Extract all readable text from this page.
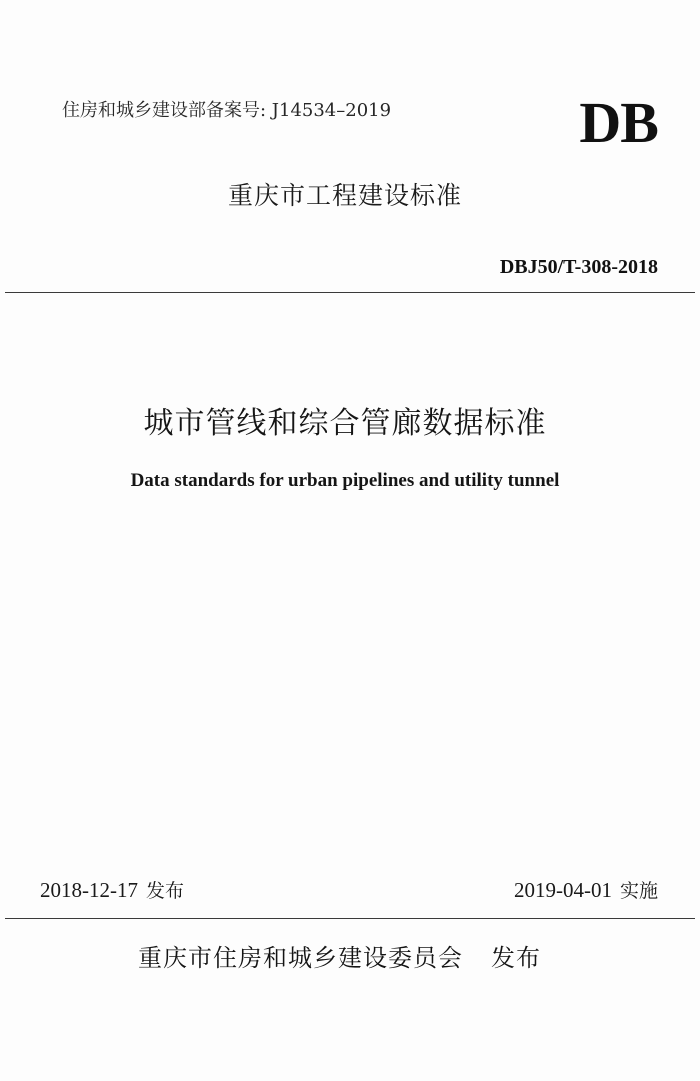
住房和城乡建设部备案号: J14534–2019	DB
重庆市工程建设标准
DBJ50/T-308-2018
城市管线和综合管廊数据标准
Data standards for urban pipelines and utility tunnel
2018-12-17 发布	2019-04-01 实施
重庆市住房和城乡建设委员会 发布
